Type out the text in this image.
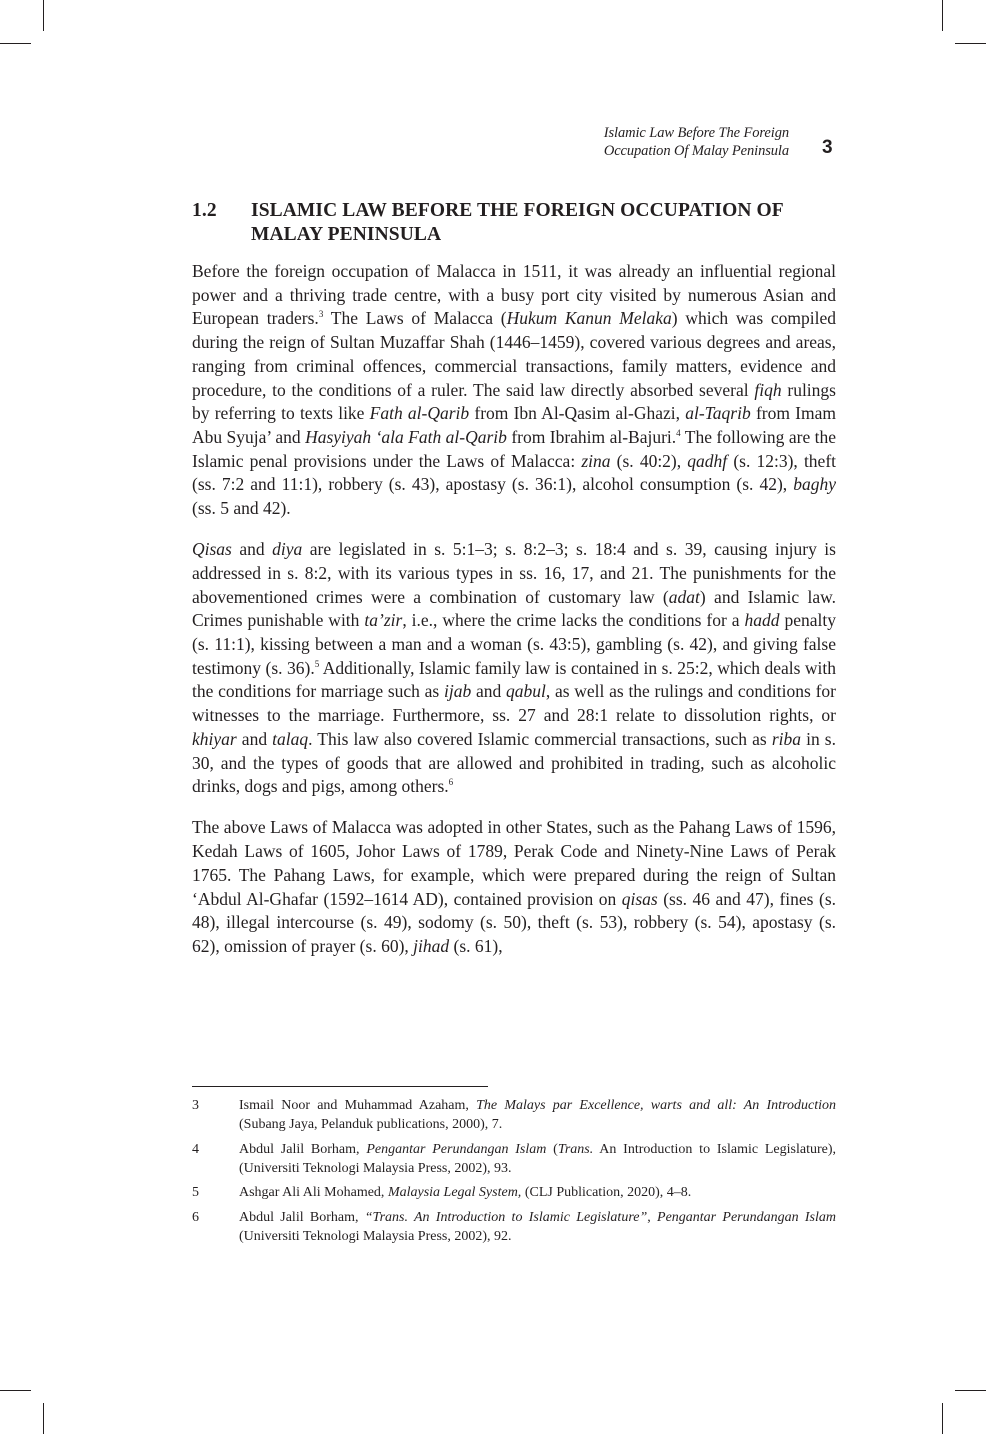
Islamic Law Before The Foreign
Occupation Of Malay Peninsula 3
1.2 ISLAMIC LAW BEFORE THE FOREIGN OCCUPATION OF
MALAY PENINSULA

Before the foreign occupation of Malacca in 1511, it was already an influential regional power and a thriving trade centre, with a busy port city visited by numerous Asian and European traders.$^3$ The Laws of Malacca (Hukum Kanun Melaka) which was compiled during the reign of Sultan Muzaffar Shah (1446–1459), covered various degrees and areas, ranging from criminal offences, commercial transactions, family matters, evidence and procedure, to the conditions of a ruler. The said law directly absorbed several fiqh rulings by referring to texts like Fath al-Qarib from Ibn Al-Qasim al-Ghazi, al-Taqrib from Imam Abu Syuja’ and Hasyiyah ‘ala Fath al-Qarib from Ibrahim al-Bajuri.$^4$ The following are the Islamic penal provisions under the Laws of Malacca: zina (s. 40:2), qadhf (s. 12:3), theft (ss. 7:2 and 11:1), robbery (s. 43), apostasy (s. 36:1), alcohol consumption (s. 42), baghy (ss. 5 and 42).

Qisas and diya are legislated in s. 5:1–3; s. 8:2–3; s. 18:4 and s. 39, causing injury is addressed in s. 8:2, with its various types in ss. 16, 17, and 21. The punishments for the abovementioned crimes were a combination of customary law (adat) and Islamic law. Crimes punishable with ta’zir, i.e., where the crime lacks the conditions for a hadd penalty (s. 11:1), kissing between a man and a woman (s. 43:5), gambling (s. 42), and giving false testimony (s. 36).$^5$ Additionally, Islamic family law is contained in s. 25:2, which deals with the conditions for marriage such as ijab and qabul, as well as the rulings and conditions for witnesses to the marriage. Furthermore, ss. 27 and 28:1 relate to dissolution rights, or khiyar and talaq. This law also covered Islamic commercial transactions, such as riba in s. 30, and the types of goods that are allowed and prohibited in trading, such as alcoholic drinks, dogs and pigs, among others.$^6$

The above Laws of Malacca was adopted in other States, such as the Pahang Laws of 1596, Kedah Laws of 1605, Johor Laws of 1789, Perak Code and Ninety-Nine Laws of Perak 1765. The Pahang Laws, for example, which were prepared during the reign of Sultan ‘Abdul Al-Ghafar (1592–1614 AD), contained provision on qisas (ss. 46 and 47), fines (s. 48), illegal intercourse (s. 49), sodomy (s. 50), theft (s. 53), robbery (s. 54), apostasy (s. 62), omission of prayer (s. 60), jihad (s. 61),

3	Ismail Noor and Muhammad Azaham, The Malays par Excellence, warts and all: An Introduction (Subang Jaya, Pelanduk publications, 2000), 7.
4	Abdul Jalil Borham, Pengantar Perundangan Islam (Trans. An Introduction to Islamic Legislature), (Universiti Teknologi Malaysia Press, 2002), 93.
5	Ashgar Ali Ali Mohamed, Malaysia Legal System, (CLJ Publication, 2020), 4–8.
6	Abdul Jalil Borham, “Trans. An Introduction to Islamic Legislature”, Pengantar Perundangan Islam (Universiti Teknologi Malaysia Press, 2002), 92.
